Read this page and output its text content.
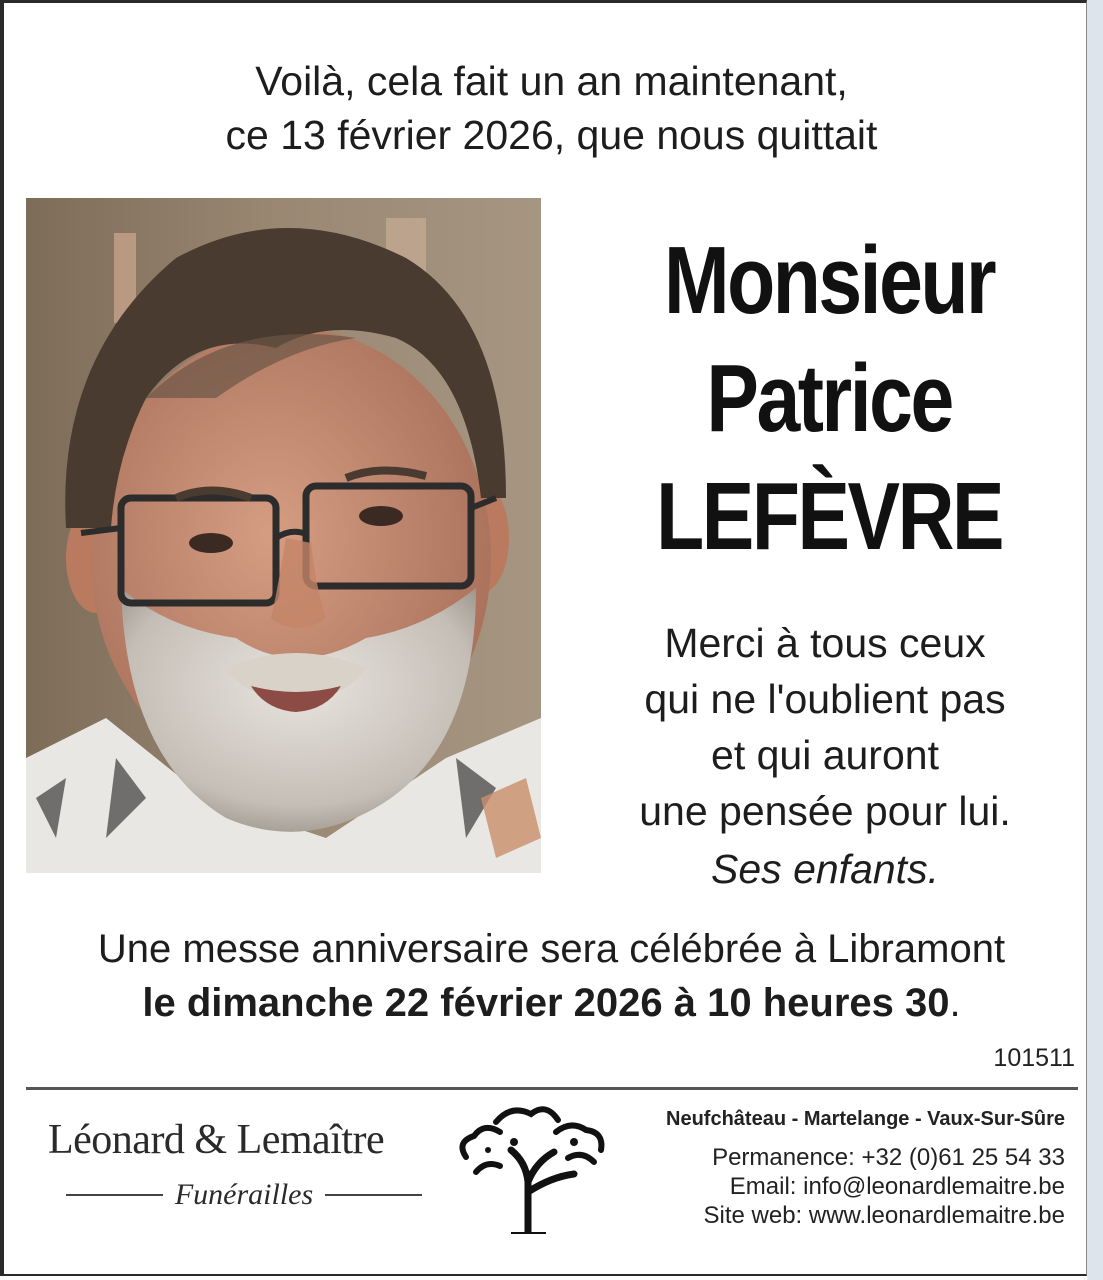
Voilà, cela fait un an maintenant,
ce 13 février 2026, que nous quittait
Monsieur
Patrice
LEFÈVRE
Merci à tous ceux
qui ne l'oublient pas
et qui auront
une pensée pour lui.
Ses enfants.
Une messe anniversaire sera célébrée à Libramont
le dimanche 22 février 2026 à 10 heures 30.
101511
Léonard & Lemaître
Funérailles
Neufchâteau - Martelange - Vaux-Sur-Sûre
Permanence: +32 (0)61 25 54 33
Email: info@leonardlemaitre.be
Site web: www.leonardlemaitre.be
